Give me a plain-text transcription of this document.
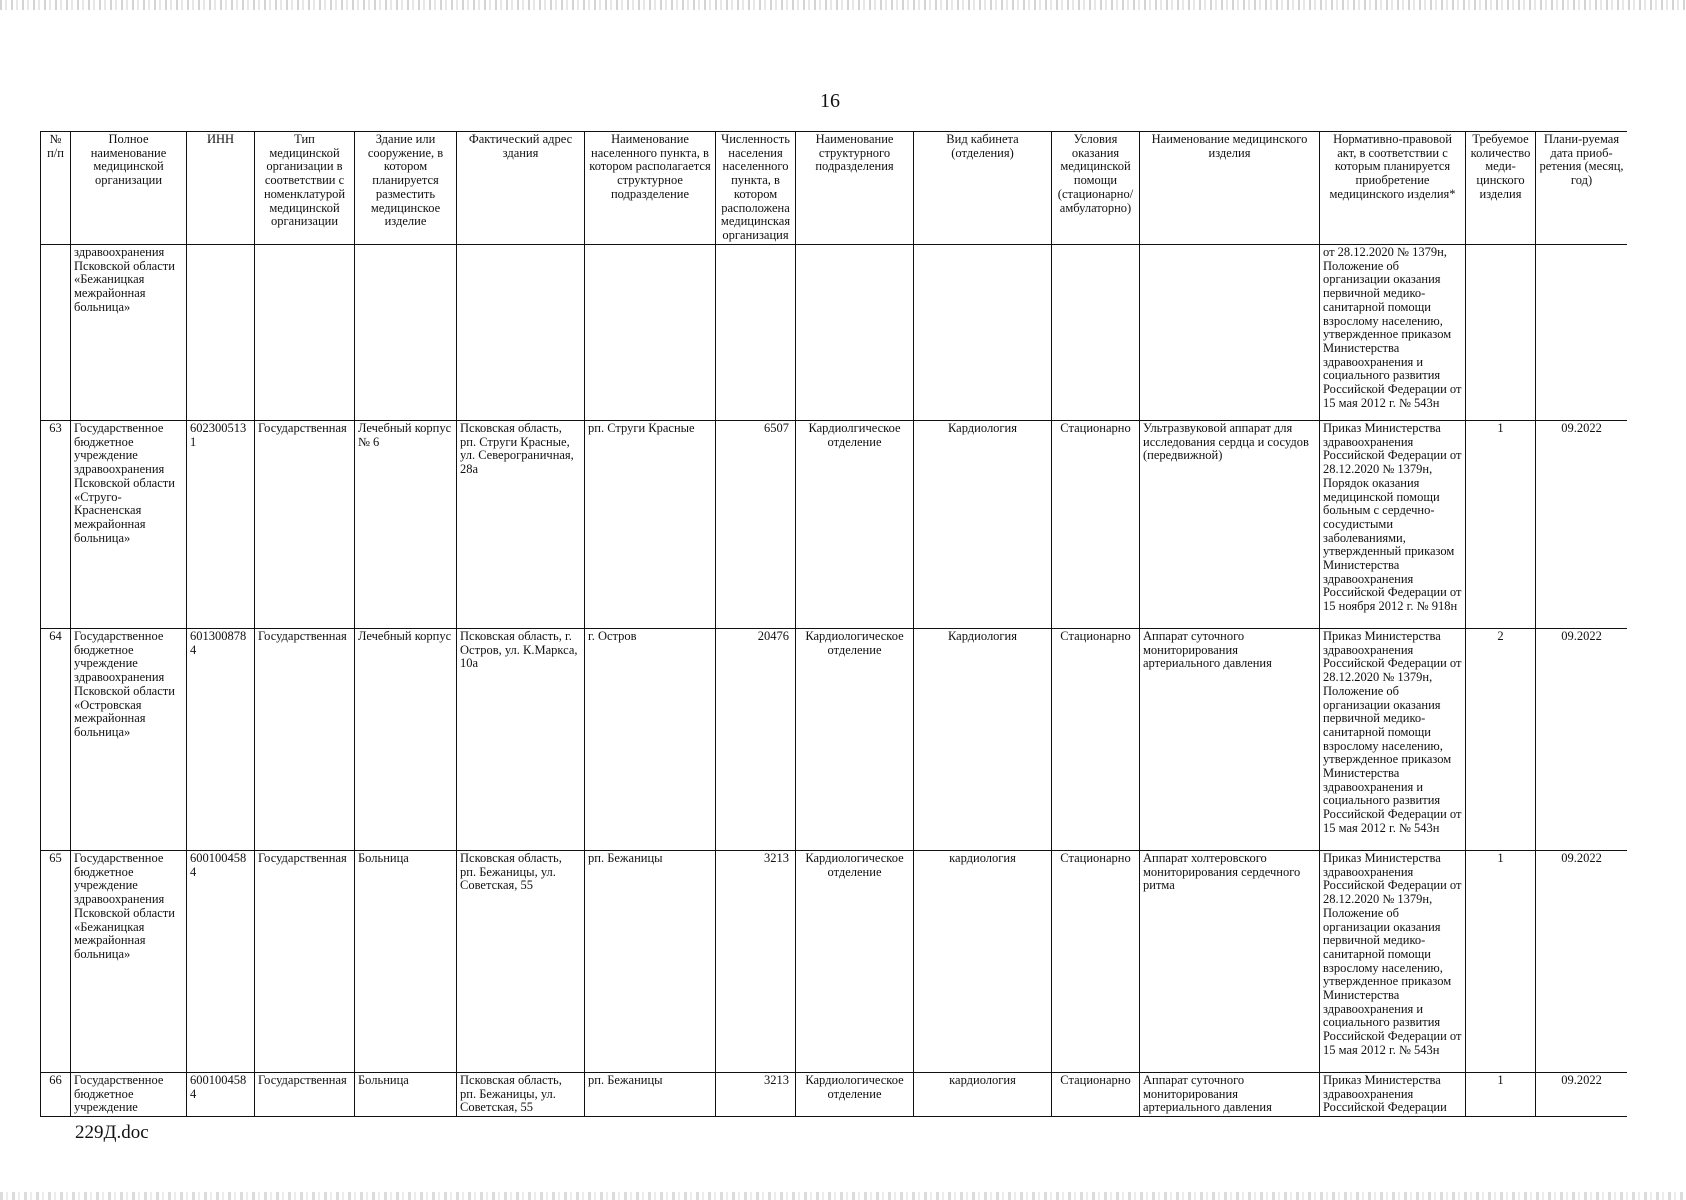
16
№ п/п	Полное наименование медицинской организации	ИНН	Тип медицинской организации в соответствии с номенклатурой медицинской организации	Здание или сооружение, в котором планируется разместить медицинское изделие	Фактический адрес здания	Наименование населенного пункта, в котором располагается структурное подразделение	Численность населения населенного пункта, в котором расположена медицинская организация	Наименование структурного подразделения	Вид кабинета (отделения)	Условия оказания медицинской помощи (стационарно/ амбулаторно)	Наименование медицинского изделия	Нормативно-правовой акт, в соответствии с которым планируется приобретение медицинского изделия*	Требуемое количество меди-цинского изделия	Плани-руемая дата приоб-ретения (месяц, год)
	здравоохранения Псковской области «Бежаницкая межрайонная больница»											от 28.12.2020 № 1379н, Положение об организации оказания первичной медико-санитарной помощи взрослому населению, утвержденное приказом Министерства здравоохранения и социального развития Российской Федерации от 15 мая 2012 г. № 543н		
63	Государственное бюджетное учреждение здравоохранения Псковской области «Струго-Красненская межрайонная больница»	6023005131	Государственная	Лечебный корпус № 6	Псковская область, рп. Струги Красные, ул. Северограничная, 28а	рп. Струги Красные	6507	Кардиолгическое отделение	Кардиология	Стационарно	Ультразвуковой аппарат для исследования сердца и сосудов (передвижной)	Приказ Министерства здравоохранения Российской Федерации от 28.12.2020 № 1379н, Порядок оказания медицинской помощи больным с сердечно-сосудистыми заболеваниями, утвержденный приказом Министерства здравоохранения Российской Федерации от 15 ноября 2012 г. № 918н	1	09.2022
64	Государственное бюджетное учреждение здравоохранения Псковской области «Островская межрайонная больница»	6013008784	Государственная	Лечебный корпус	Псковская область, г. Остров, ул. К.Маркса, 10а	г. Остров	20476	Кардиологическое отделение	Кардиология	Стационарно	Аппарат суточного мониторирования артериального давления	Приказ Министерства здравоохранения Российской Федерации от 28.12.2020 № 1379н, Положение об организации оказания первичной медико-санитарной помощи взрослому населению, утвержденное приказом Министерства здравоохранения и социального развития Российской Федерации от 15 мая 2012 г. № 543н	2	09.2022
65	Государственное бюджетное учреждение здравоохранения Псковской области «Бежаницкая межрайонная больница»	6001004584	Государственная	Больница	Псковская область, рп. Бежаницы, ул. Советская, 55	рп. Бежаницы	3213	Кардиологическое отделение	кардиология	Стационарно	Аппарат холтеровского мониторирования сердечного ритма	Приказ Министерства здравоохранения Российской Федерации от 28.12.2020 № 1379н, Положение об организации оказания первичной медико-санитарной помощи взрослому населению, утвержденное приказом Министерства здравоохранения и социального развития Российской Федерации от 15 мая 2012 г. № 543н	1	09.2022
66	Государственное бюджетное учреждение	6001004584	Государственная	Больница	Псковская область, рп. Бежаницы, ул. Советская, 55	рп. Бежаницы	3213	Кардиологическое отделение	кардиология	Стационарно	Аппарат суточного мониторирования артериального давления	Приказ Министерства здравоохранения Российской Федерации	1	09.2022
229Д.doc
